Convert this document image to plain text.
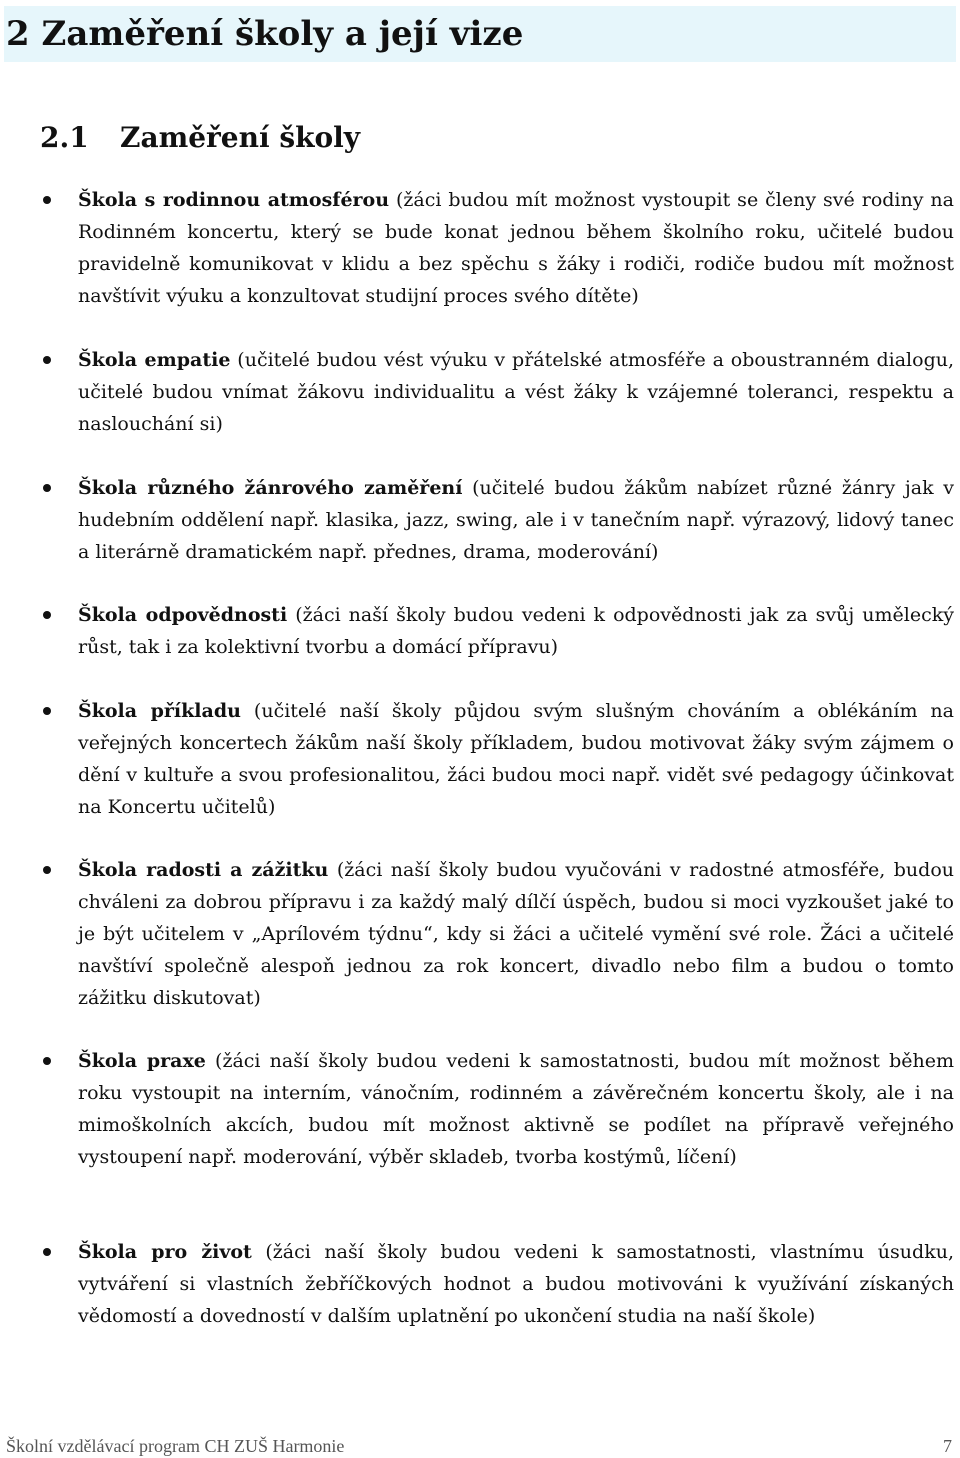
2 Zaměření školy a její vize
2.1 Zaměření školy
Škola s rodinnou atmosférou (žáci budou mít možnost vystoupit se členy své rodiny na Rodinném koncertu, který se bude konat jednou během školního roku, učitelé budou pravidelně komunikovat v klidu a bez spěchu s žáky i rodiči, rodiče budou mít možnost navštívit výuku a konzultovat studijní proces svého dítěte)
Škola empatie (učitelé budou vést výuku v přátelské atmosféře a oboustranném dialogu, učitelé budou vnímat žákovu individualitu a vést žáky k vzájemné toleranci, respektu a naslouchání si)
Škola různého žánrového zaměření (učitelé budou žákům nabízet různé žánry jak v hudebním oddělení např. klasika, jazz, swing, ale i v tanečním např. výrazový, lidový tanec a literárně dramatickém např. přednes, drama, moderování)
Škola odpovědnosti (žáci naší školy budou vedeni k odpovědnosti jak za svůj umělecký růst, tak i za kolektivní tvorbu a domácí přípravu)
Škola příkladu (učitelé naší školy půjdou svým slušným chováním a oblékáním na veřejných koncertech žákům naší školy příkladem, budou motivovat žáky svým zájmem o dění v kultuře a svou profesionalitou, žáci budou moci např. vidět své pedagogy účinkovat na Koncertu učitelů)
Škola radosti a zážitku (žáci naší školy budou vyučováni v radostné atmosféře, budou chváleni za dobrou přípravu i za každý malý dílčí úspěch, budou si moci vyzkoušet jaké to je být učitelem v „Aprílovém týdnu“, kdy si žáci a učitelé vymění své role. Žáci a učitelé navštíví společně alespoň jednou za rok koncert, divadlo nebo film a budou o tomto zážitku diskutovat)
Škola praxe (žáci naší školy budou vedeni k samostatnosti, budou mít možnost během roku vystoupit na interním, vánočním, rodinném a závěrečném koncertu školy, ale i na mimoškolních akcích, budou mít možnost aktivně se podílet na přípravě veřejného vystoupení např. moderování, výběr skladeb, tvorba kostýmů, líčení)
Škola pro život (žáci naší školy budou vedeni k samostatnosti, vlastnímu úsudku, vytváření si vlastních žebříčkových hodnot a budou motivováni k využívání získaných vědomostí a dovedností v dalším uplatnění po ukončení studia na naší škole)
Školní vzdělávací program CH ZUŠ Harmonie	7
